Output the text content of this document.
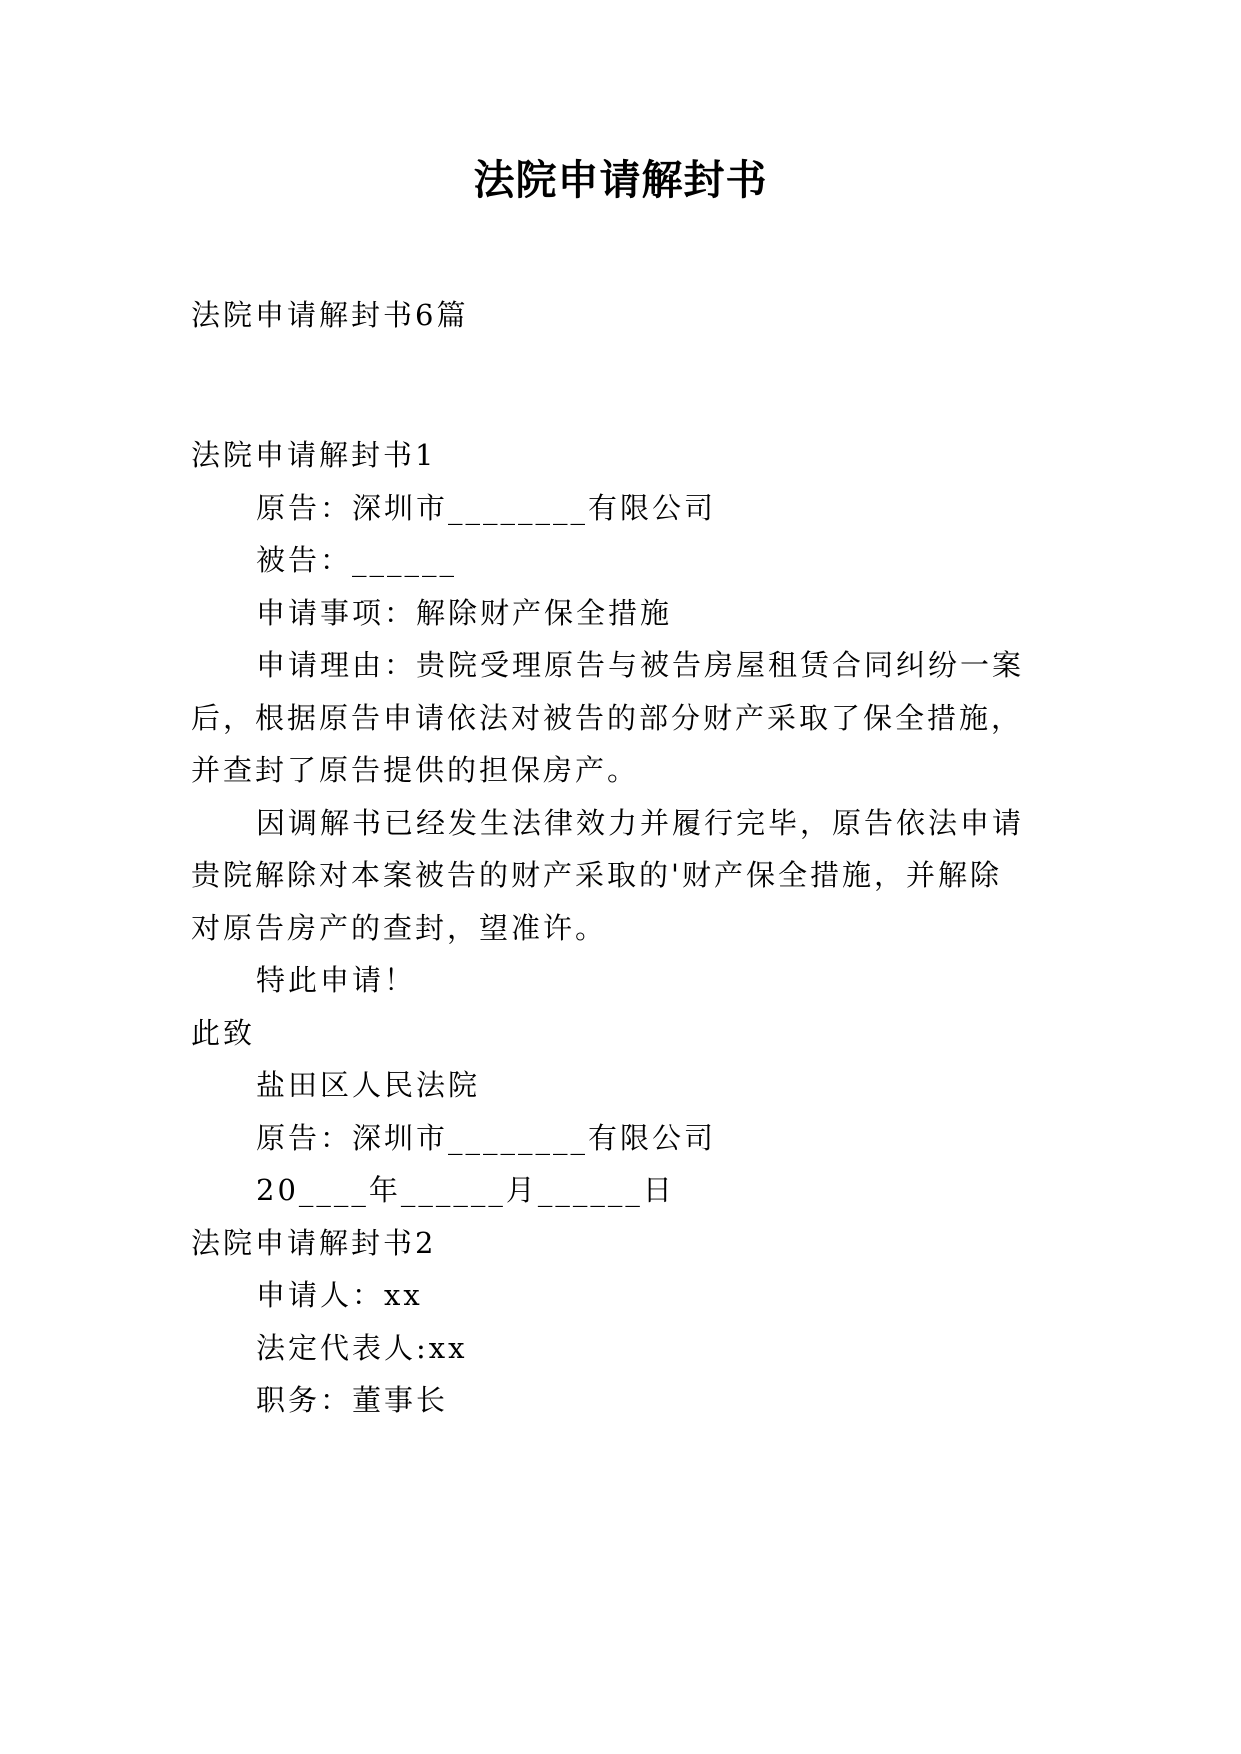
法院申请解封书
法院申请解封书6篇
法院申请解封书1
原告：深圳市________有限公司
被告：______
申请事项：解除财产保全措施
申请理由：贵院受理原告与被告房屋租赁合同纠纷一案
后，根据原告申请依法对被告的部分财产采取了保全措施，
并查封了原告提供的担保房产。
因调解书已经发生法律效力并履行完毕，原告依法申请
贵院解除对本案被告的财产采取的'财产保全措施，并解除
对原告房产的查封，望准许。
特此申请！
此致
盐田区人民法院
原告：深圳市________有限公司
20____年______月______日
法院申请解封书2
申请人：xx
法定代表人:xx
职务：董事长
